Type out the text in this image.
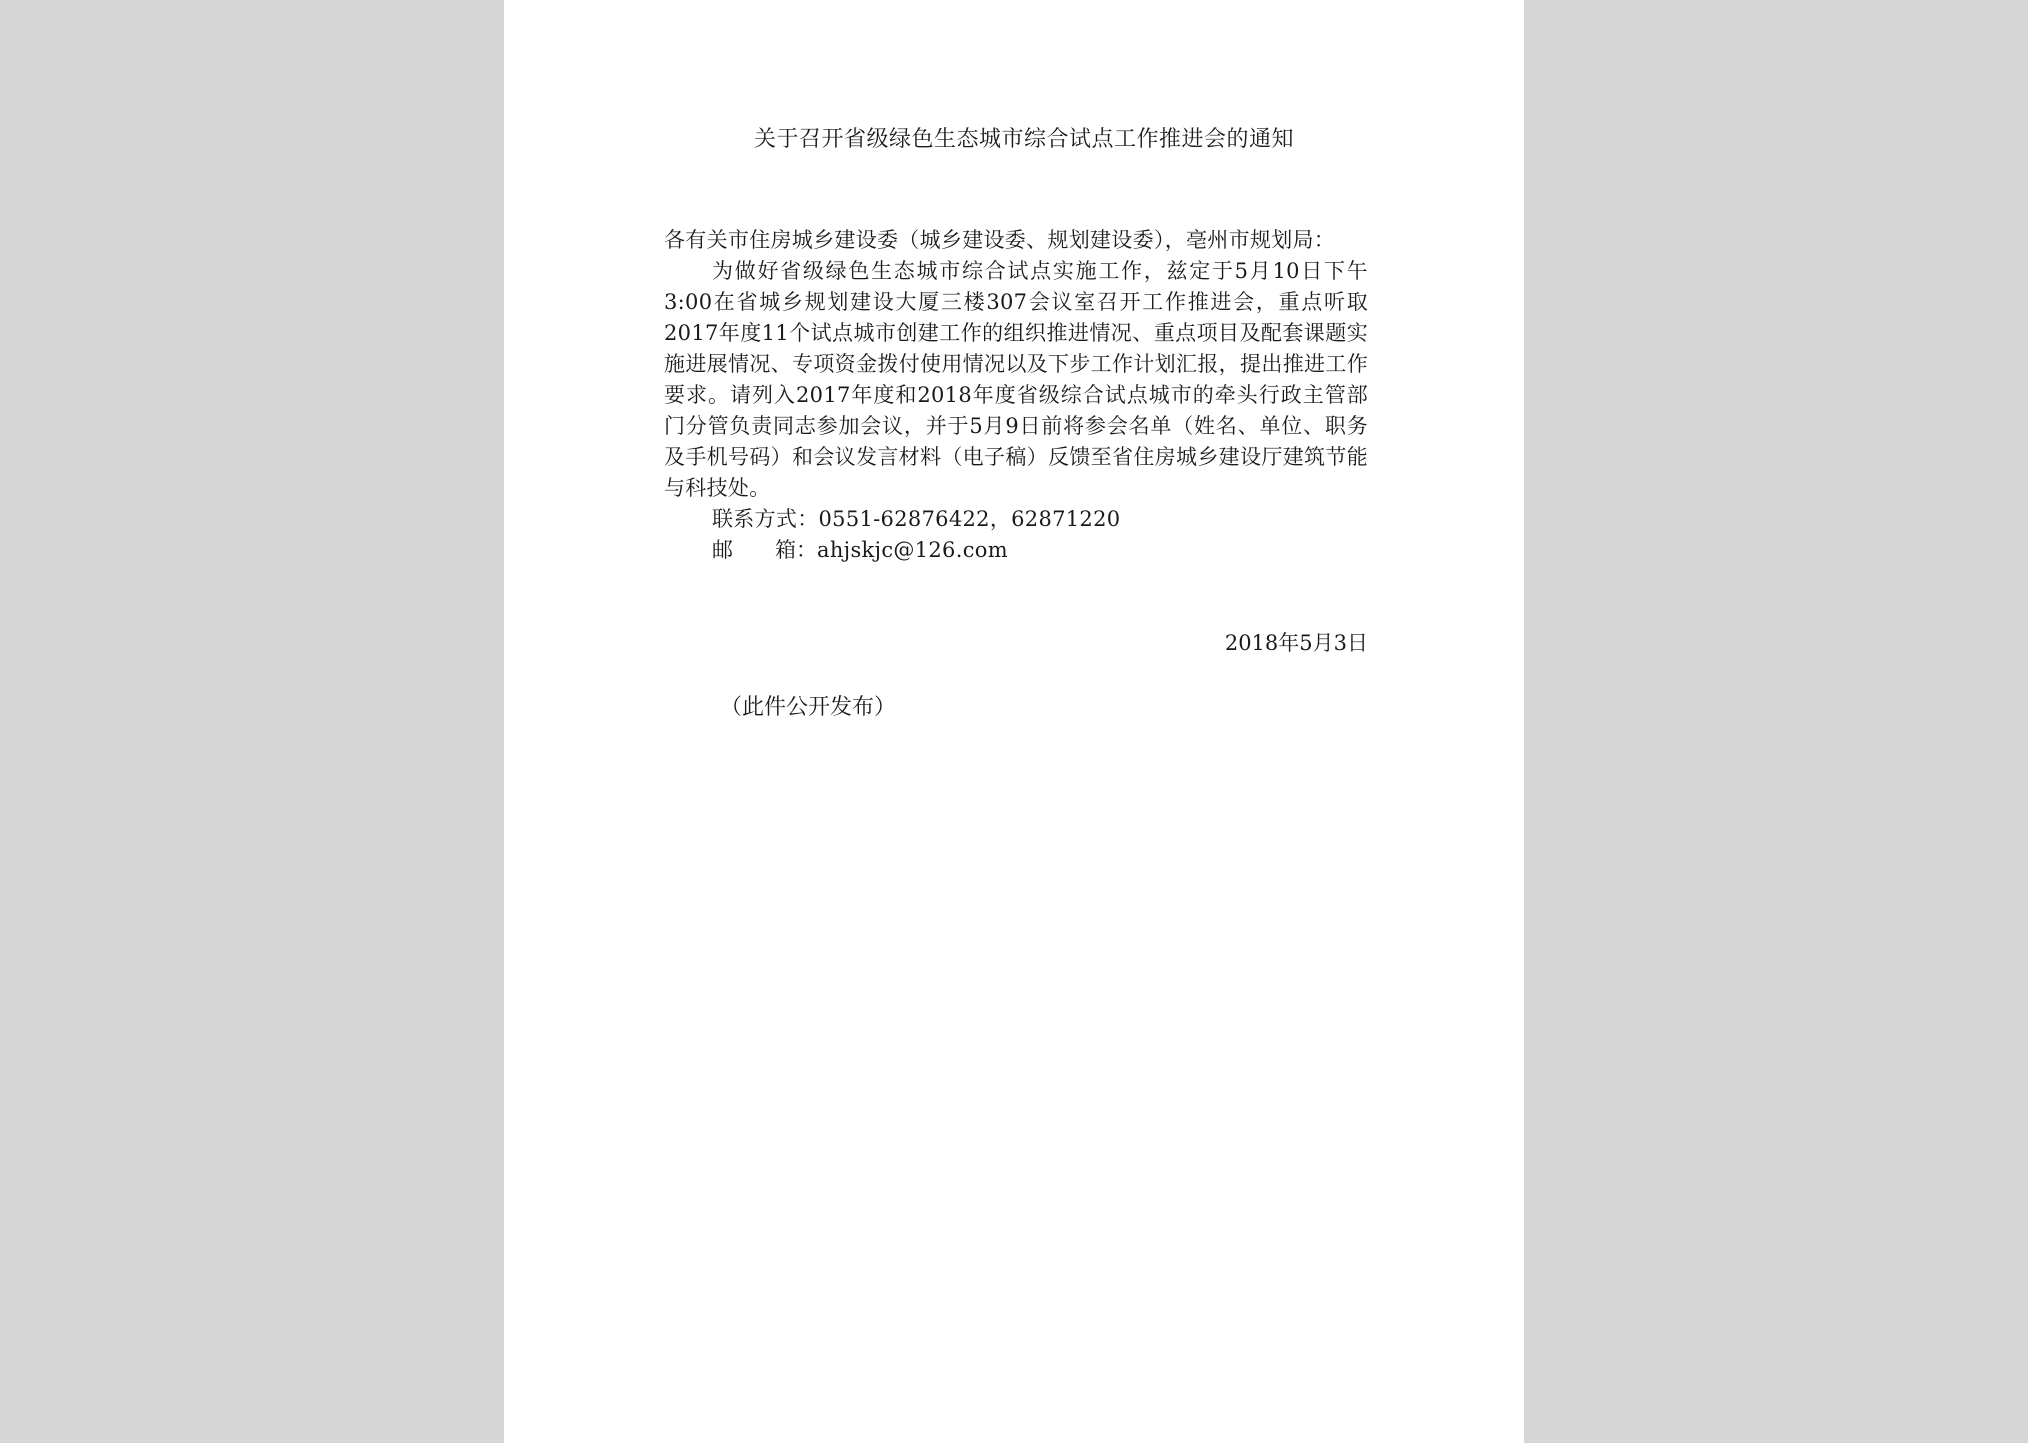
关于召开省级绿色生态城市综合试点工作推进会的通知

各有关市住房城乡建设委（城乡建设委、规划建设委），亳州市规划局：

为做好省级绿色生态城市综合试点实施工作，兹定于5月10日下午3:00在省城乡规划建设大厦三楼307会议室召开工作推进会，重点听取2017年度11个试点城市创建工作的组织推进情况、重点项目及配套课题实施进展情况、专项资金拨付使用情况以及下步工作计划汇报，提出推进工作要求。请列入2017年度和2018年度省级综合试点城市的牵头行政主管部门分管负责同志参加会议，并于5月9日前将参会名单（姓名、单位、职务及手机号码）和会议发言材料（电子稿）反馈至省住房城乡建设厅建筑节能与科技处。

联系方式：0551-62876422，62871220

邮　　箱：ahjskjc@126.com

2018年5月3日

（此件公开发布）
